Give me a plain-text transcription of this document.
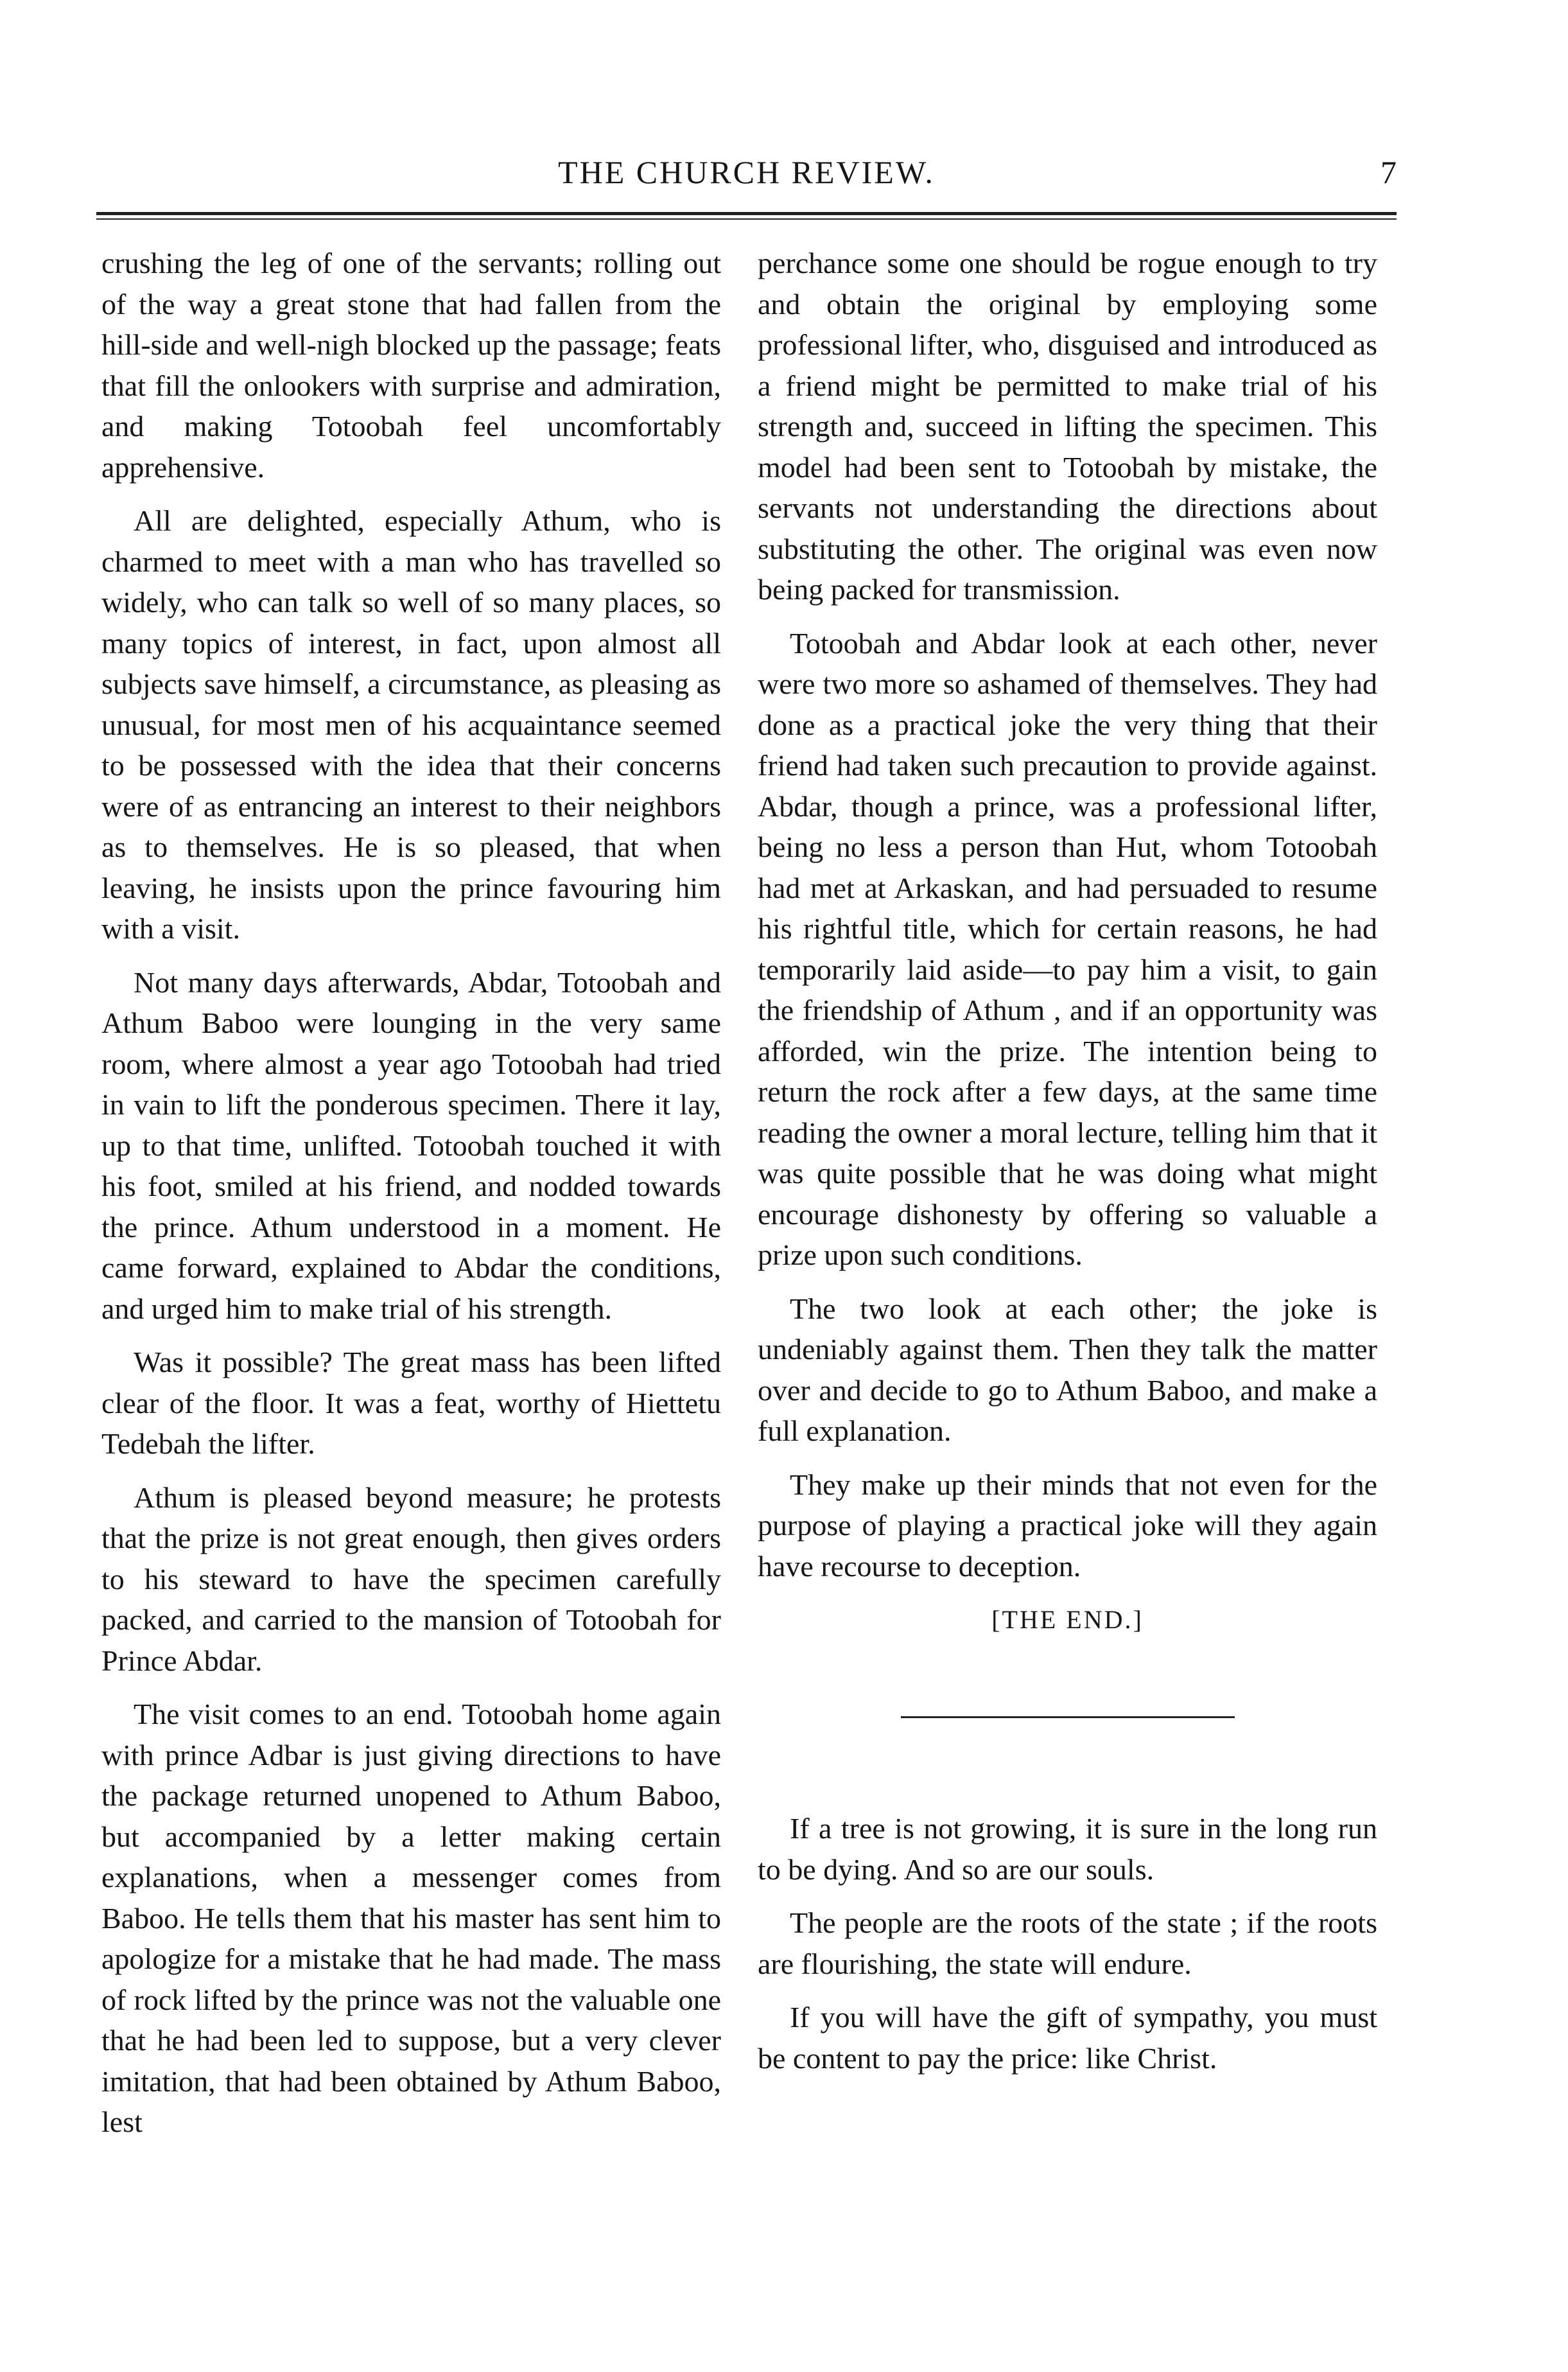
THE CHURCH REVIEW.	7

crushing the leg of one of the servants; rolling out of the way a great stone that had fallen from the hill-side and well-nigh blocked up the passage; feats that fill the onlookers with surprise and admiration, and making Totoobah feel uncomfortably apprehensive.

All are delighted, especially Athum, who is charmed to meet with a man who has travelled so widely, who can talk so well of so many places, so many topics of interest, in fact, upon almost all subjects save himself, a circumstance, as pleasing as unusual, for most men of his acquaintance seemed to be possessed with the idea that their concerns were of as entrancing an interest to their neighbors as to themselves. He is so pleased, that when leaving, he insists upon the prince favouring him with a visit.

Not many days afterwards, Abdar, Totoobah and Athum Baboo were lounging in the very same room, where almost a year ago Totoobah had tried in vain to lift the ponderous specimen. There it lay, up to that time, unlifted. Totoobah touched it with his foot, smiled at his friend, and nodded towards the prince. Athum understood in a moment. He came forward, explained to Abdar the conditions, and urged him to make trial of his strength.

Was it possible? The great mass has been lifted clear of the floor. It was a feat, worthy of Hiettetu Tedebah the lifter.

Athum is pleased beyond measure; he protests that the prize is not great enough, then gives orders to his steward to have the specimen carefully packed, and carried to the mansion of Totoobah for Prince Abdar.

The visit comes to an end. Totoobah home again with prince Adbar is just giving directions to have the package returned unopened to Athum Baboo, but accompanied by a letter making certain explanations, when a messenger comes from Baboo. He tells them that his master has sent him to apologize for a mistake that he had made. The mass of rock lifted by the prince was not the valuable one that he had been led to suppose, but a very clever imitation, that had been obtained by Athum Baboo, lest

perchance some one should be rogue enough to try and obtain the original by employing some professional lifter, who, disguised and introduced as a friend might be permitted to make trial of his strength and, succeed in lifting the specimen. This model had been sent to Totoobah by mistake, the servants not understanding the directions about substituting the other. The original was even now being packed for transmission.

Totoobah and Abdar look at each other, never were two more so ashamed of themselves. They had done as a practical joke the very thing that their friend had taken such precaution to provide against. Abdar, though a prince, was a professional lifter, being no less a person than Hut, whom Totoobah had met at Arkaskan, and had persuaded to resume his rightful title, which for certain reasons, he had temporarily laid aside—to pay him a visit, to gain the friendship of Athum , and if an opportunity was afforded, win the prize. The intention being to return the rock after a few days, at the same time reading the owner a moral lecture, telling him that it was quite possible that he was doing what might encourage dishonesty by offering so valuable a prize upon such conditions.

The two look at each other; the joke is undeniably against them. Then they talk the matter over and decide to go to Athum Baboo, and make a full explanation.

They make up their minds that not even for the purpose of playing a practical joke will they again have recourse to deception.

[THE END.]

If a tree is not growing, it is sure in the long run to be dying. And so are our souls.

The people are the roots of the state ; if the roots are flourishing, the state will endure.

If you will have the gift of sympathy, you must be content to pay the price: like Christ.
